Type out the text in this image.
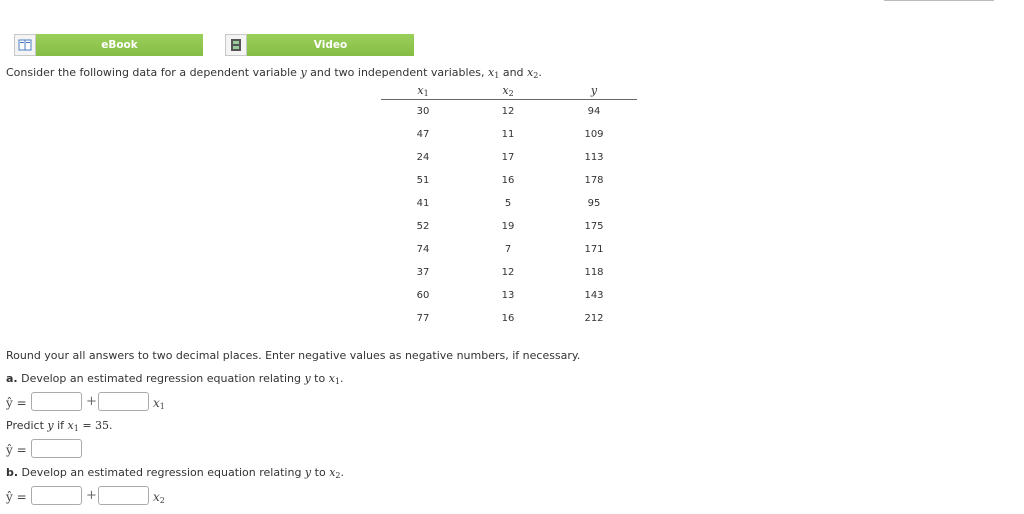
eBook	Video
Consider the following data for a dependent variable y and two independent variables, $x_1$ and $x_2$.
$x_1$	$x_2$	y
30	12	94
47	11	109
24	17	113
51	16	178
41	5	95
52	19	175
74	7	171
37	12	118
60	13	143
77	16	212
Round your all answers to two decimal places. Enter negative values as negative numbers, if necessary.
a. Develop an estimated regression equation relating y to $x_1$.
ŷ =	+	$x_1$
Predict y if $x_1 = 35$.
ŷ =
b. Develop an estimated regression equation relating y to $x_2$.
ŷ =	+	$x_2$
